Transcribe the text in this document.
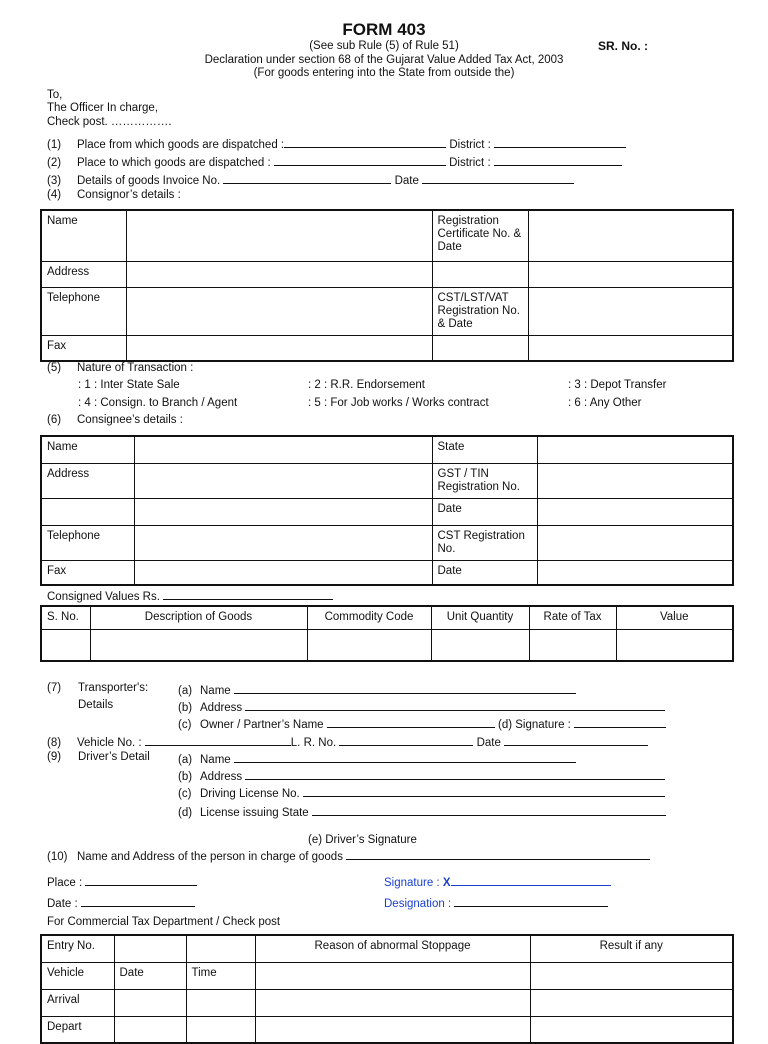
FORM 403
(See sub Rule (5) of Rule 51)	SR. No. :
Declaration under section 68 of the Gujarat Value Added Tax Act, 2003
(For goods entering into the State from outside the)
To,
The Officer In charge,
Check post. …………….
(1) Place from which goods are dispatched :	District :
(2) Place to which goods are dispatched :	District :
(3) Details of goods Invoice No.	Date
(4) Consignor’s details :
Name		Registration Certificate No. & Date	
Address			
Telephone		CST/LST/VAT Registration No. & Date	
Fax			
(5) Nature of Transaction :
: 1 : Inter State Sale	: 2 : R.R. Endorsement	: 3 : Depot Transfer
: 4 : Consign. to Branch / Agent	: 5 : For Job works / Works contract	: 6 : Any Other
(6) Consignee’s details :
Name		State	
Address		GST / TIN Registration No.	
		Date	
Telephone		CST Registration No.	
Fax		Date	
Consigned Values Rs.
S. No.	Description of Goods	Commodity Code	Unit Quantity	Rate of Tax	Value

(7) Transporter's:
Details
(a) Name
(b) Address
(c) Owner / Partner’s Name	(d) Signature :
(8) Vehicle No. :	L. R. No.	Date
(9) Driver’s Detail (a) Name
(b) Address
(c) Driving License No.
(d) License issuing State
(e) Driver’s Signature
(10) Name and Address of the person in charge of goods
Place :	Signature : X
Date :	Designation :
For Commercial Tax Department / Check post
Entry No.			Reason of abnormal Stoppage	Result if any
Vehicle	Date	Time		
Arrival				
Depart				
